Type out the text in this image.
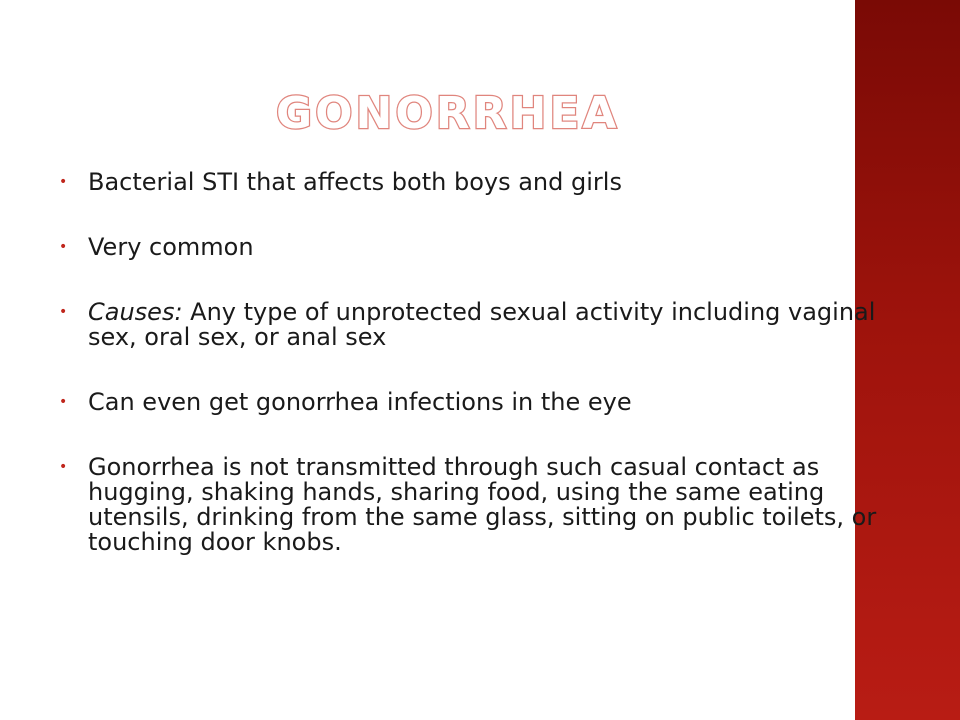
GONORRHEA
• Bacterial STI that affects both boys and girls
• Very common
• Causes: Any type of unprotected sexual activity including vaginal sex, oral sex, or anal sex
• Can even get gonorrhea infections in the eye
• Gonorrhea is not transmitted through such casual contact as hugging, shaking hands, sharing food, using the same eating utensils, drinking from the same glass, sitting on public toilets, or touching door knobs.
